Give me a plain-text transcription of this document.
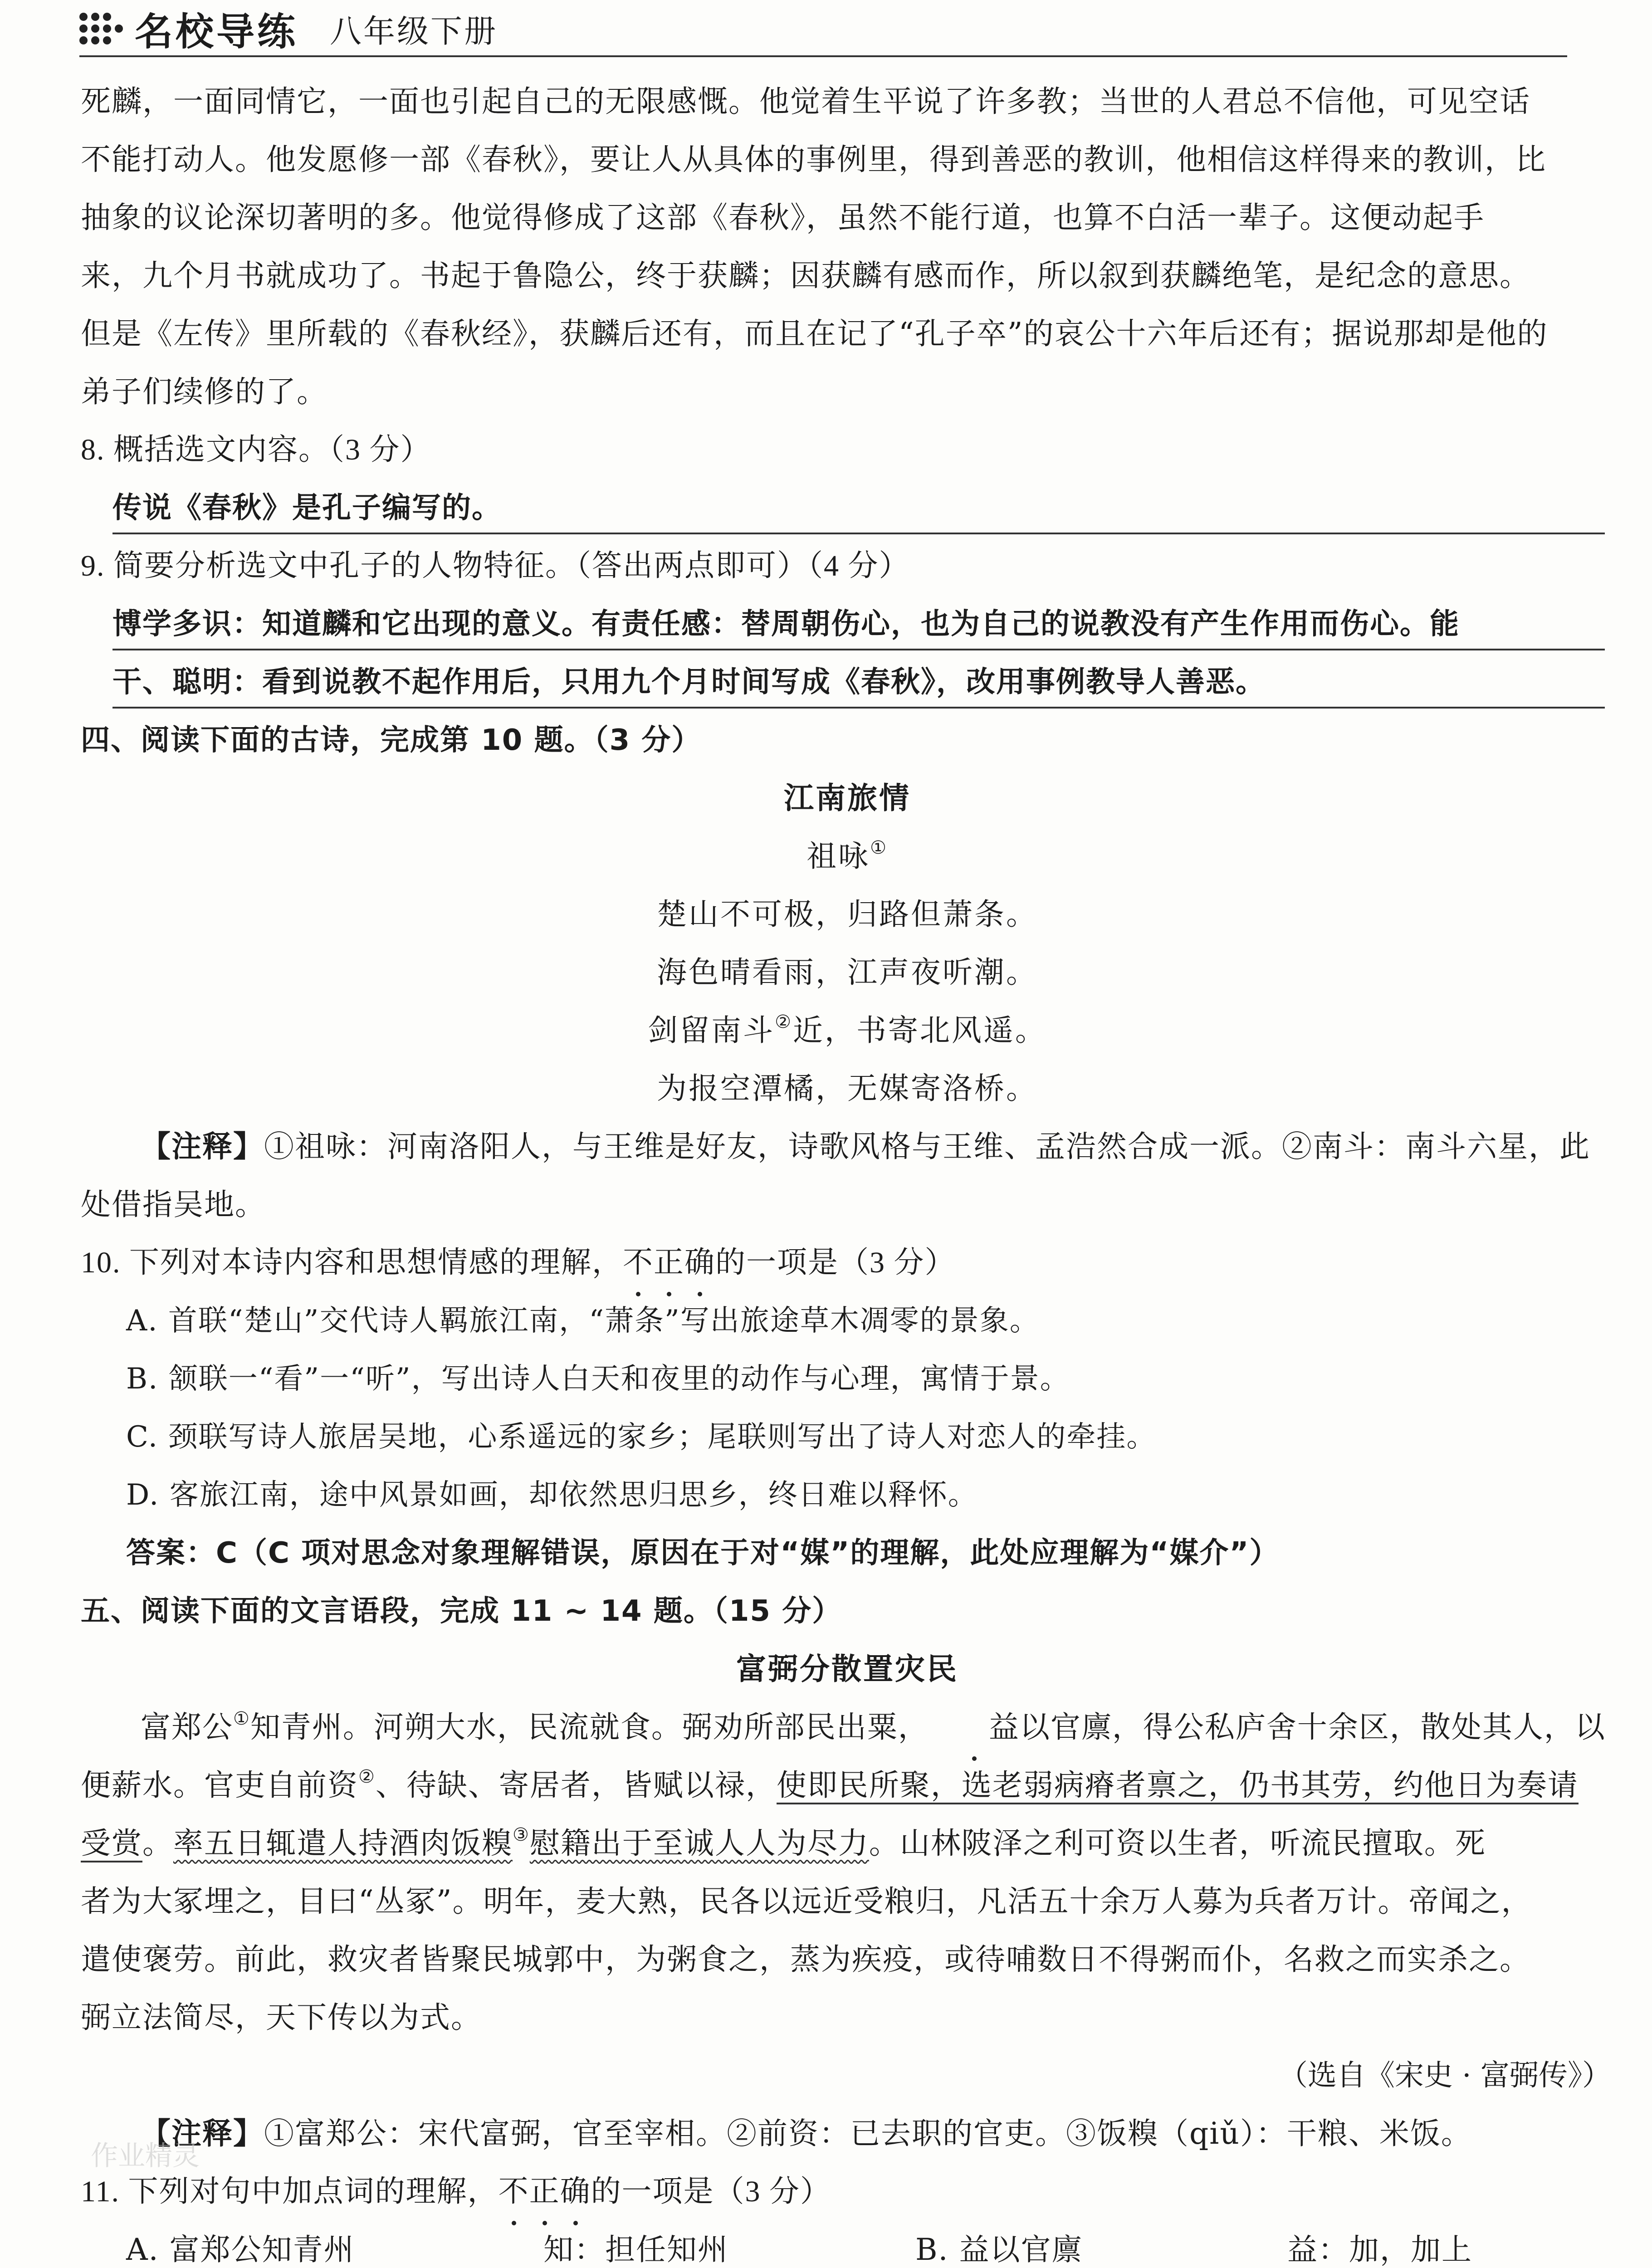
名校导练 八年级下册

死麟，一面同情它，一面也引起自己的无限感慨。他觉着生平说了许多教；当世的人君总不信他，可见空话

不能打动人。他发愿修一部《春秋》，要让人从具体的事例里，得到善恶的教训，他相信这样得来的教训，比

抽象的议论深切著明的多。他觉得修成了这部《春秋》，虽然不能行道，也算不白活一辈子。这便动起手

来，九个月书就成功了。书起于鲁隐公，终于获麟；因获麟有感而作，所以叙到获麟绝笔，是纪念的意思。

但是《左传》里所载的《春秋经》，获麟后还有，而且在记了“孔子卒”的哀公十六年后还有；据说那却是他的

弟子们续修的了。

8. 概括选文内容。（3 分）

传说《春秋》是孔子编写的。

9. 简要分析选文中孔子的人物特征。（答出两点即可）（4 分）

博学多识：知道麟和它出现的意义。有责任感：替周朝伤心，也为自己的说教没有产生作用而伤心。能

干、聪明：看到说教不起作用后，只用九个月时间写成《春秋》，改用事例教导人善恶。

四、阅读下面的古诗，完成第 10 题。（3 分）

江南旅情

祖咏①

楚山不可极，归路但萧条。

海色晴看雨，江声夜听潮。

剑留南斗②近，书寄北风遥。

为报空潭橘，无媒寄洛桥。

【注释】①祖咏：河南洛阳人，与王维是好友，诗歌风格与王维、孟浩然合成一派。②南斗：南斗六星，此

处借指吴地。

10. 下列对本诗内容和思想情感的理解，不正确的一项是（3 分）

A. 首联“楚山”交代诗人羁旅江南，“萧条”写出旅途草木凋零的景象。

B. 颔联一“看”一“听”，写出诗人白天和夜里的动作与心理，寓情于景。

C. 颈联写诗人旅居吴地，心系遥远的家乡；尾联则写出了诗人对恋人的牵挂。

D. 客旅江南，途中风景如画，却依然思归思乡，终日难以释怀。

答案：C（C 项对思念对象理解错误，原因在于对“媒”的理解，此处应理解为“媒介”）

五、阅读下面的文言语段，完成 11 ~ 14 题。（15 分）

富弼分散置灾民

富郑公①知青州。河朔大水，民流就食。弼劝所部民出粟， 益以官廪，得公私庐舍十余区，散处其人，以

便薪水。官吏自前资②、待缺、寄居者，皆赋以禄，使即民所聚，选老弱病瘠者禀之，仍书其劳，约他日为奏请

受赏。率五日辄遣人持酒肉饭糗③慰籍出于至诚人人为尽力。山林陂泽之利可资以生者，听流民擅取。死

者为大冢埋之，目曰“丛冢”。明年，麦大熟，民各以远近受粮归，凡活五十余万人募为兵者万计。帝闻之，

遣使褒劳。前此，救灾者皆聚民城郭中，为粥食之，蒸为疾疫，或待哺数日不得粥而仆，名救之而实杀之。

弼立法简尽，天下传以为式。

（选自《宋史 · 富弼传》）

【注释】①富郑公：宋代富弼，官至宰相。②前资：已去职的官吏。③饭糗（qiǔ）：干粮、米饭。

11. 下列对句中加点词的理解，不正确的一项是（3 分）

A. 富郑公知青州	知：担任知州	B. 益以官廪	益：加，加上
作业精灵
